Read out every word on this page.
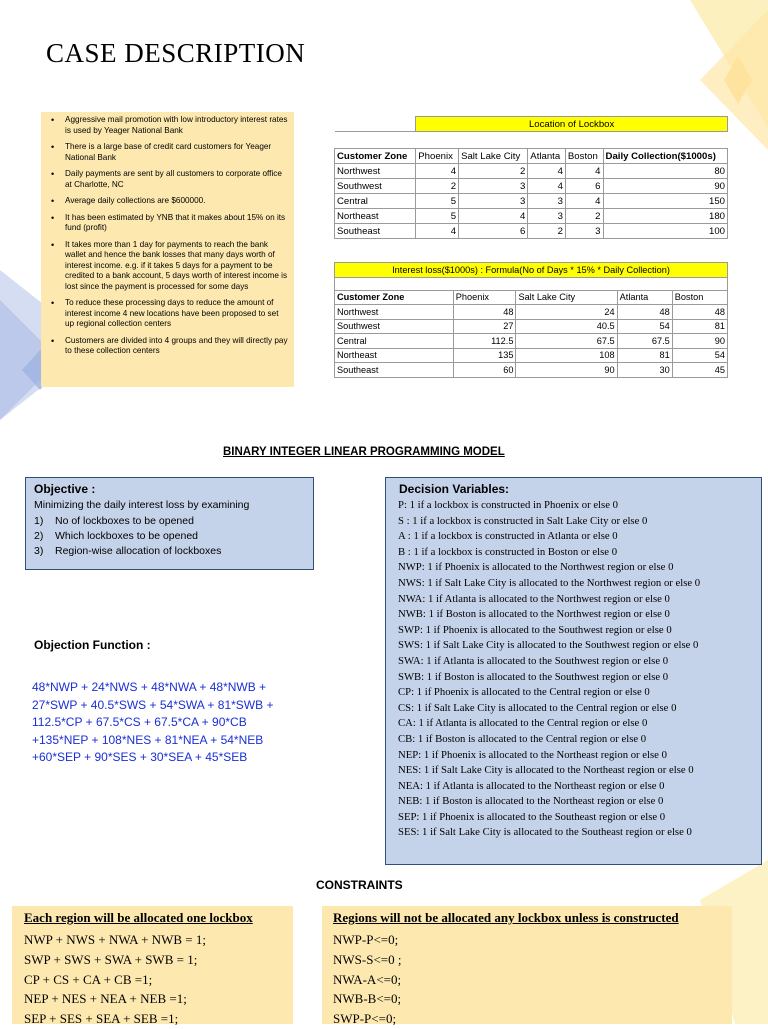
CASE DESCRIPTION
• Aggressive mail promotion with low introductory interest rates is used by Yeager National Bank
• There is a large base of credit card customers for Yeager National Bank
• Daily payments are sent by all customers to corporate office at Charlotte, NC
• Average daily collections are $600000.
• It has been estimated by YNB that it makes about 15% on its fund (profit)
• It takes more than 1 day for payments to reach the bank wallet and hence the bank losses that many days worth of interest income. e.g. if it takes 5 days for a payment to be credited to a bank account, 5 days worth of interest income is lost since the payment is processed for some days
• To reduce these processing days to reduce the amount of interest income 4 new locations have been proposed to set up regional collection centers
• Customers are divided into 4 groups and they will directly pay to these collection centers
	Location of Lockbox				

Customer Zone	Phoenix	Salt Lake City	Atlanta	Boston	Daily Collection($1000s)
Northwest	4	2	4	4	80
Southwest	2	3	4	6	90
Central	5	3	3	4	150
Northeast	5	4	3	2	180
Southeast	4	6	2	3	100
Interest loss($1000s) : Formula(No of Days * 15% * Daily Collection)				

Customer Zone	Phoenix	Salt Lake City	Atlanta	Boston
Northwest	48	24	48	48
Southwest	27	40.5	54	81
Central	112.5	67.5	67.5	90
Northeast	135	108	81	54
Southeast	60	90	30	45
BINARY INTEGER LINEAR PROGRAMMING MODEL
Objective :
Minimizing the daily interest loss by examining
1) No of lockboxes to be opened
2) Which lockboxes to be opened
3) Region-wise allocation of lockboxes
Objection Function :
48*NWP + 24*NWS + 48*NWA + 48*NWB + 27*SWP + 40.5*SWS + 54*SWA + 81*SWB + 112.5*CP + 67.5*CS + 67.5*CA + 90*CB +135*NEP + 108*NES + 81*NEA + 54*NEB +60*SEP + 90*SES + 30*SEA + 45*SEB
Decision Variables:
P: 1 if a lockbox is constructed in Phoenix or else 0
S : 1 if a lockbox is constructed in Salt Lake City or else 0
A : 1 if a lockbox is constructed in Atlanta or else 0
B : 1 if a lockbox is constructed in Boston or else 0
NWP: 1 if Phoenix is allocated to the Northwest region or else 0
NWS: 1 if Salt Lake City is allocated to the Northwest region or else 0
NWA: 1 if Atlanta is allocated to the Northwest region or else 0
NWB: 1 if Boston is allocated to the Northwest region or else 0
SWP: 1 if Phoenix is allocated to the Southwest region or else 0
SWS: 1 if Salt Lake City is allocated to the Southwest region or else 0
SWA: 1 if Atlanta is allocated to the Southwest region or else 0
SWB: 1 if Boston is allocated to the Southwest region or else 0
CP: 1 if Phoenix is allocated to the Central region or else 0
CS: 1 if Salt Lake City is allocated to the Central region or else 0
CA: 1 if Atlanta is allocated to the Central region or else 0
CB: 1 if Boston is allocated to the Central region or else 0
NEP: 1 if Phoenix is allocated to the Northeast region or else 0
NES: 1 if Salt Lake City is allocated to the Northeast region or else 0
NEA: 1 if Atlanta is allocated to the Northeast region or else 0
NEB: 1 if Boston is allocated to the Northeast region or else 0
SEP: 1 if Phoenix is allocated to the Southeast region or else 0
SES: 1 if Salt Lake City is allocated to the Southeast region or else 0
CONSTRAINTS
Each region will be allocated one lockbox
NWP + NWS + NWA + NWB = 1;
SWP + SWS + SWA + SWB = 1;
CP + CS + CA + CB =1;
NEP + NES + NEA + NEB =1;
SEP + SES + SEA + SEB =1;
Regions will not be allocated any lockbox unless is constructed
NWP-P<=0;
NWS-S<=0 ;
NWA-A<=0;
NWB-B<=0;
SWP-P<=0;
